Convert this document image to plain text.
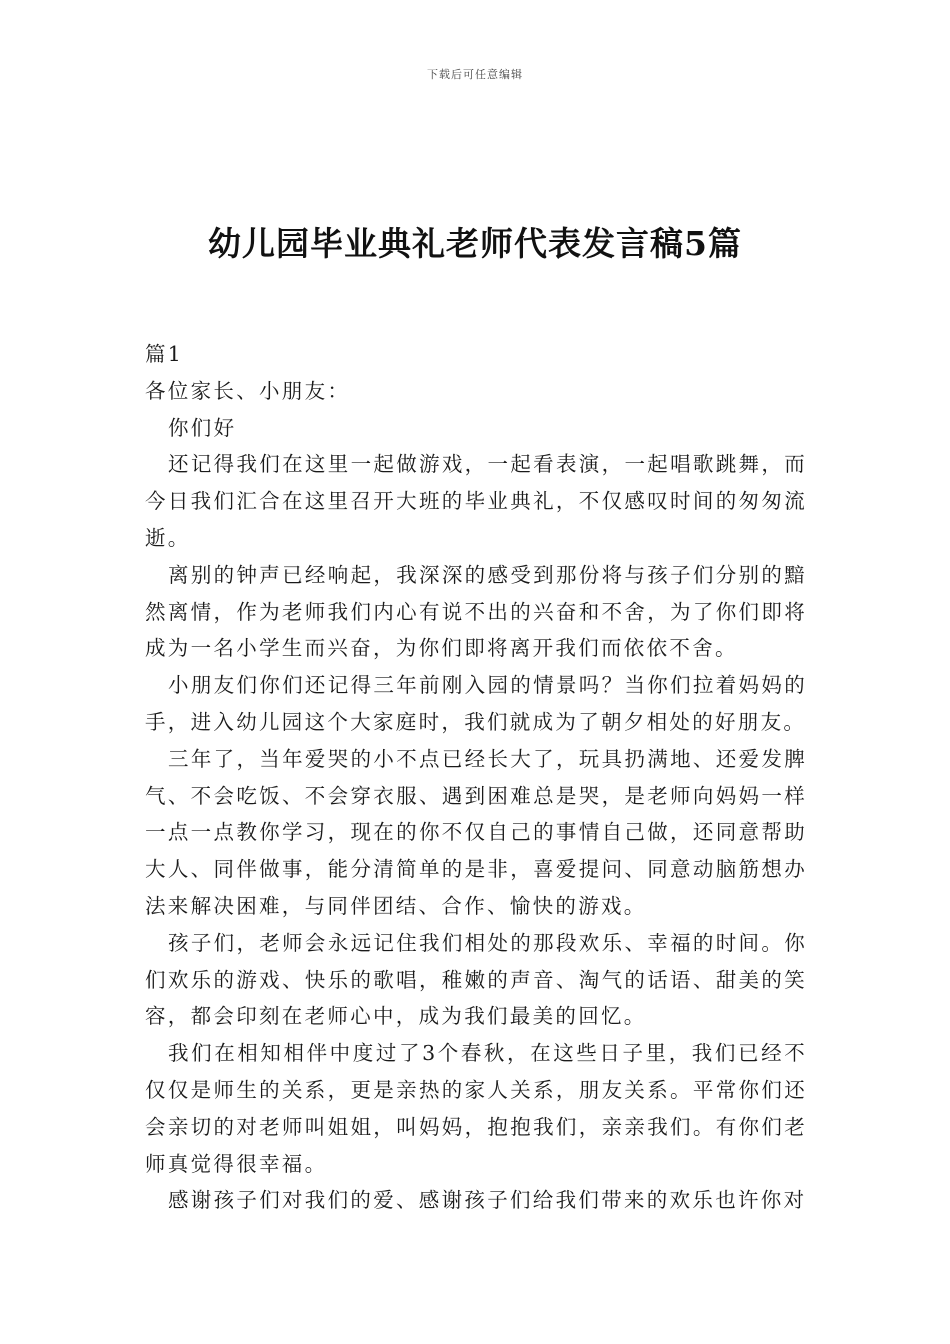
下载后可任意编辑
幼儿园毕业典礼老师代表发言稿5篇

篇1

各位家长、小朋友：

你们好

还记得我们在这里一起做游戏，一起看表演，一起唱歌跳舞，而今日我们汇合在这里召开大班的毕业典礼，不仅感叹时间的匆匆流逝。

离别的钟声已经响起，我深深的感受到那份将与孩子们分别的黯然离情，作为老师我们内心有说不出的兴奋和不舍，为了你们即将成为一名小学生而兴奋，为你们即将离开我们而依依不舍。

小朋友们你们还记得三年前刚入园的情景吗？当你们拉着妈妈的手，进入幼儿园这个大家庭时，我们就成为了朝夕相处的好朋友。

三年了，当年爱哭的小不点已经长大了，玩具扔满地、还爱发脾气、不会吃饭、不会穿衣服、遇到困难总是哭，是老师向妈妈一样一点一点教你学习，现在的你不仅自己的事情自己做，还同意帮助大人、同伴做事，能分清简单的是非，喜爱提问、同意动脑筋想办法来解决困难，与同伴团结、合作、愉快的游戏。

孩子们，老师会永远记住我们相处的那段欢乐、幸福的时间。你们欢乐的游戏、快乐的歌唱，稚嫩的声音、淘气的话语、甜美的笑容，都会印刻在老师心中，成为我们最美的回忆。

我们在相知相伴中度过了3个春秋，在这些日子里，我们已经不仅仅是师生的关系，更是亲热的家人关系，朋友关系。平常你们还会亲切的对老师叫姐姐，叫妈妈，抱抱我们，亲亲我们。有你们老师真觉得很幸福。

感谢孩子们对我们的爱、感谢孩子们给我们带来的欢乐也许你对
